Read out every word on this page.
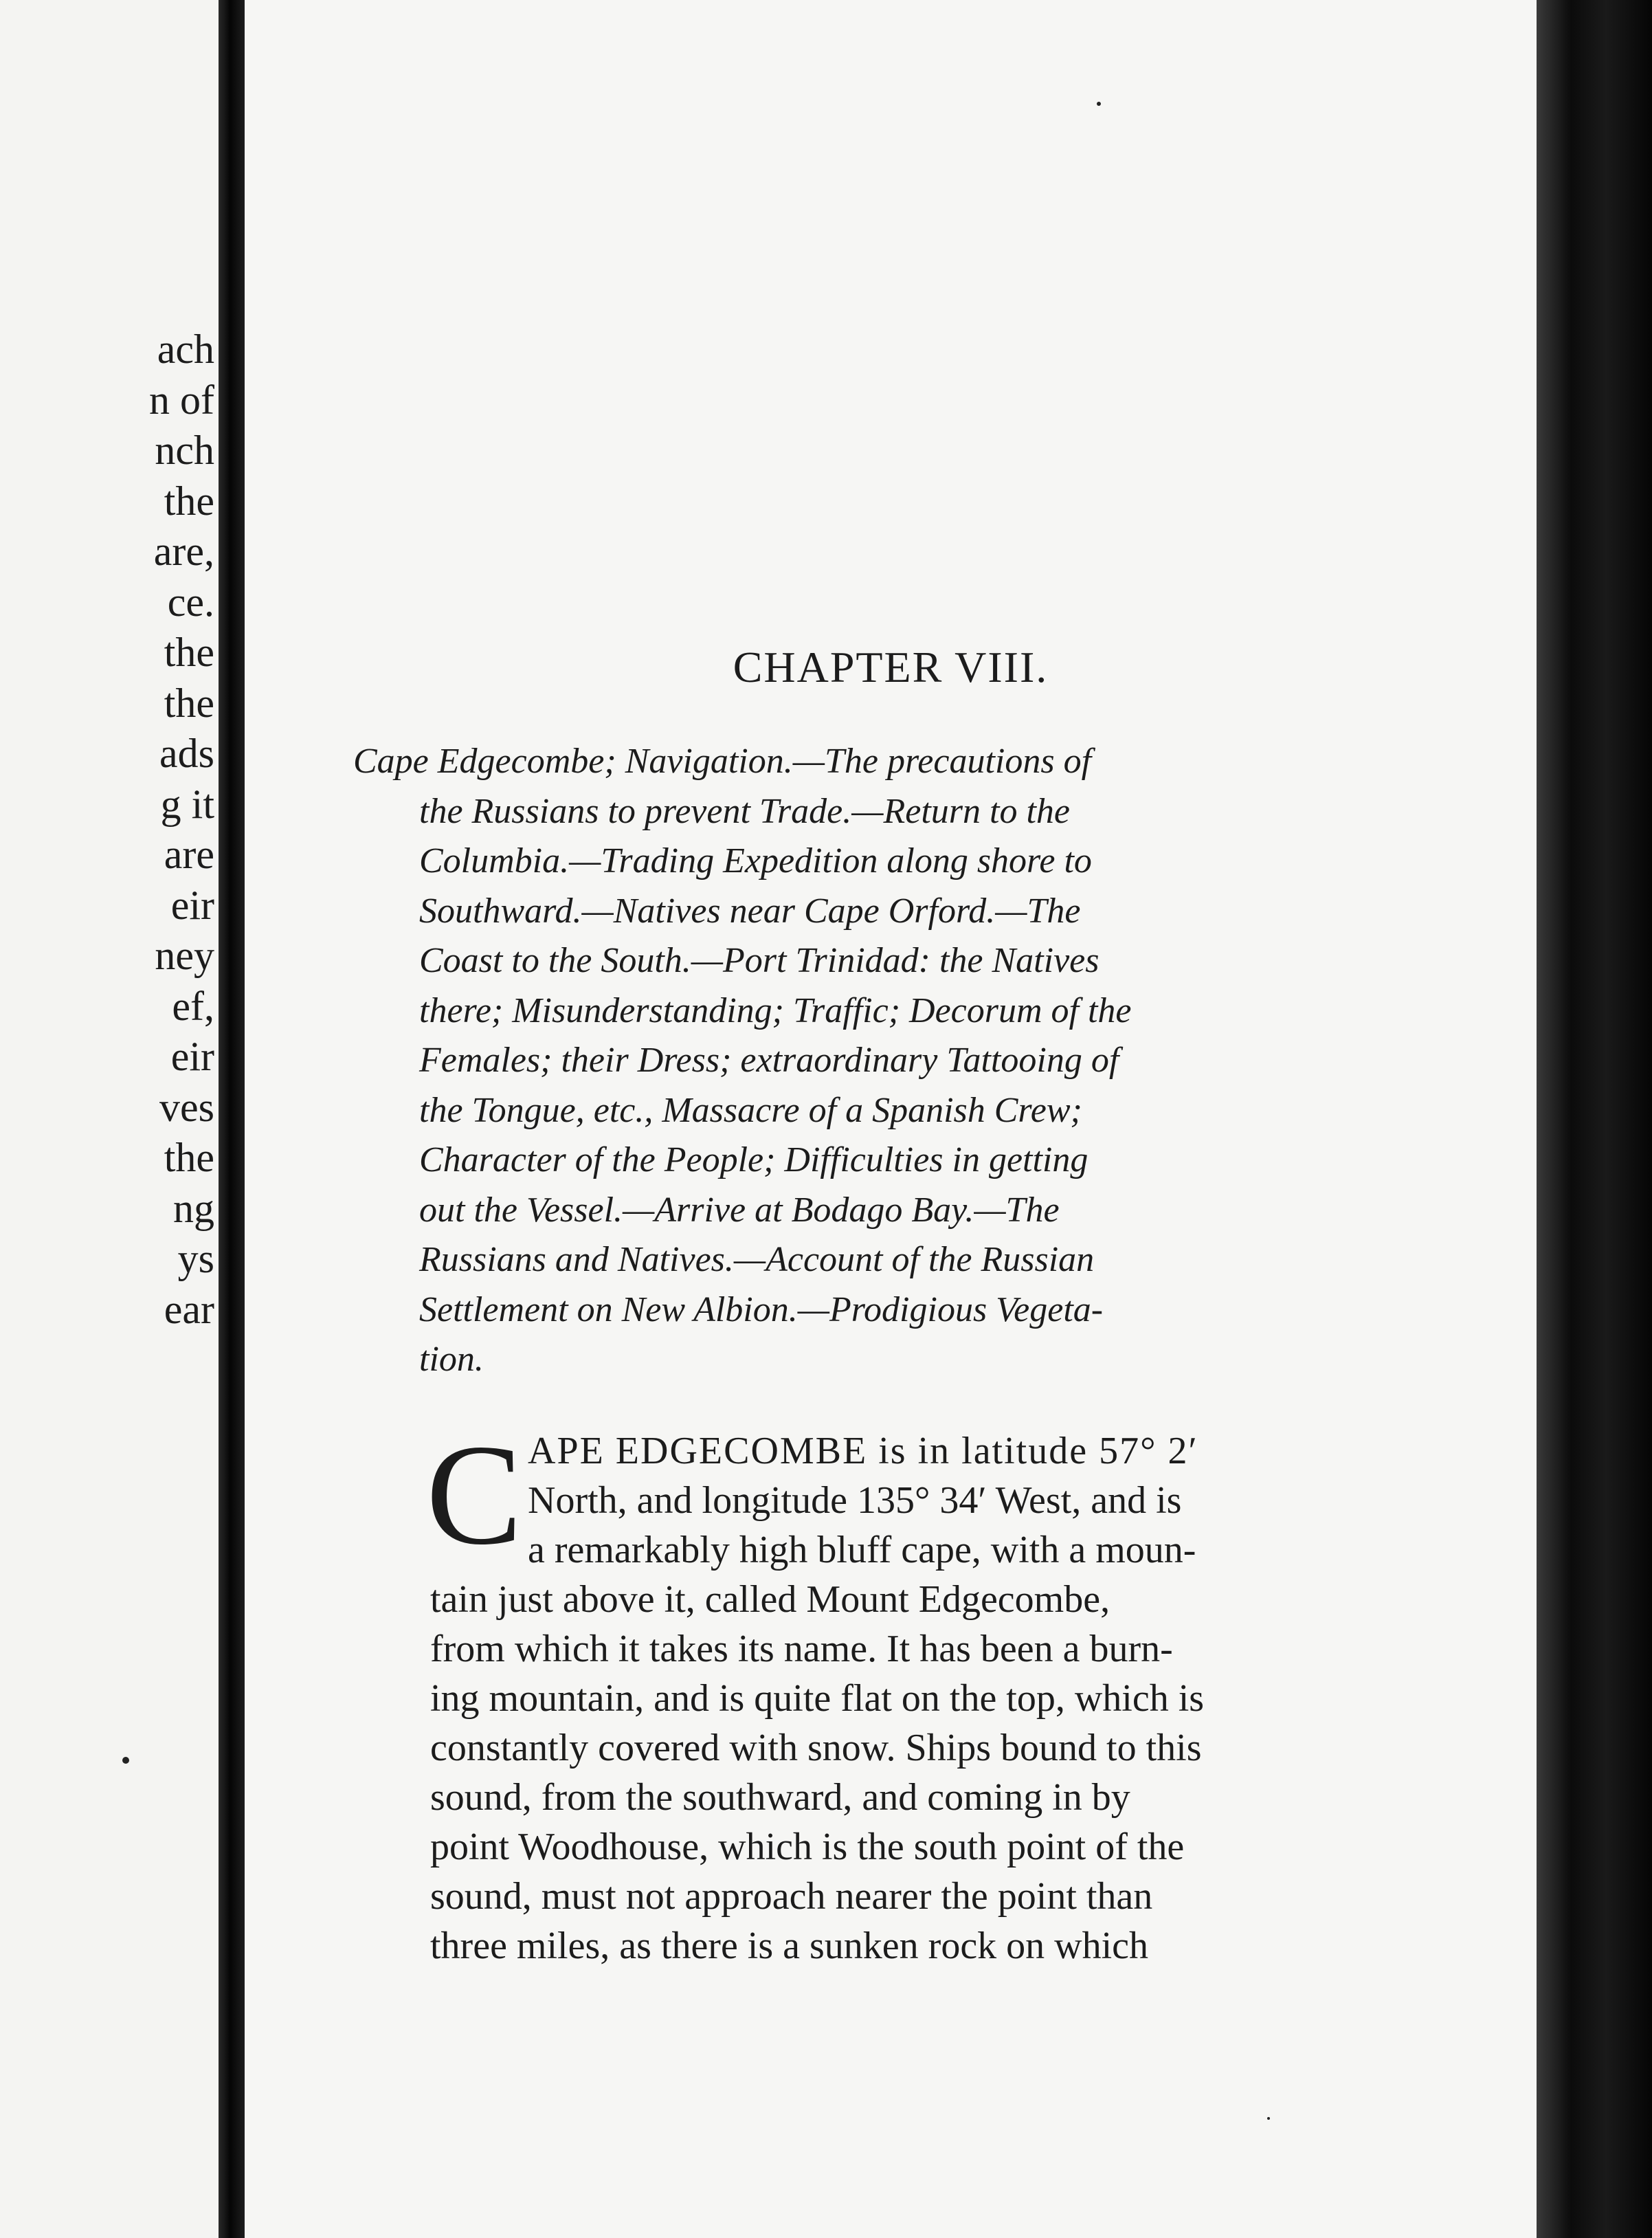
ach
n of
nch
the
are,
ce.
the
the
ads
g it
are
eir
ney
ef,
eir
ves
the
ng
ys
ear
CHAPTER VIII.
Cape Edgecombe; Navigation.—The precautions of
the Russians to prevent Trade.—Return to the
Columbia.—Trading Expedition along shore to
Southward.—Natives near Cape Orford.—The
Coast to the South.—Port Trinidad: the Natives
there; Misunderstanding; Traffic; Decorum of the
Females; their Dress; extraordinary Tattooing of
the Tongue, etc., Massacre of a Spanish Crew;
Character of the People; Difficulties in getting
out the Vessel.—Arrive at Bodago Bay.—The
Russians and Natives.—Account of the Russian
Settlement on New Albion.—Prodigious Vegeta-
tion.
C APE EDGECOMBE is in latitude 57° 2′
North, and longitude 135° 34′ West, and is
a remarkably high bluff cape, with a moun-
tain just above it, called Mount Edgecombe,
from which it takes its name. It has been a burn-
ing mountain, and is quite flat on the top, which is
constantly covered with snow. Ships bound to this
sound, from the southward, and coming in by
point Woodhouse, which is the south point of the
sound, must not approach nearer the point than
three miles, as there is a sunken rock on which
